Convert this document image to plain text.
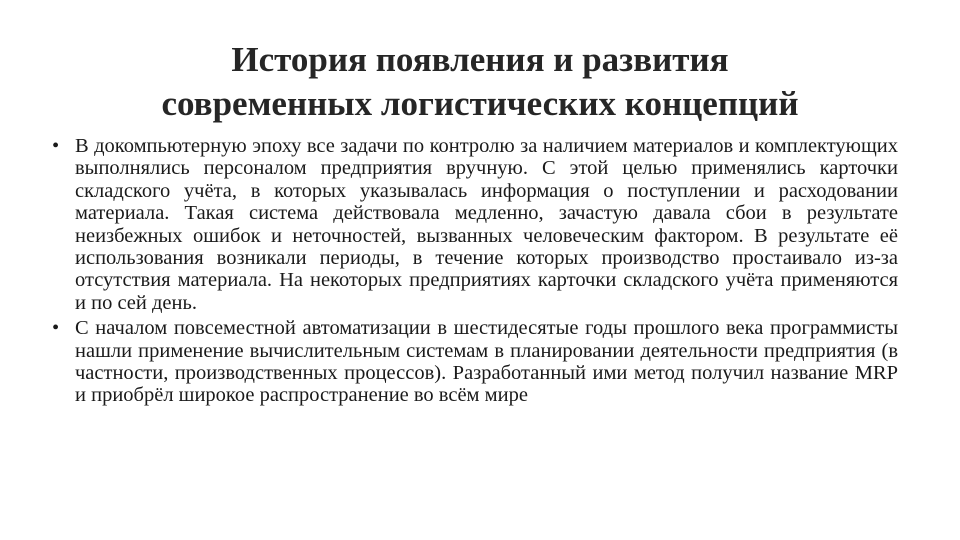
История появления и развития
современных логистических концепций
• В докомпьютерную эпоху все задачи по контролю за наличием материалов и комплектующих выполнялись персоналом предприятия вручную. С этой целью применялись карточки складского учёта, в которых указывалась информация о поступлении и расходовании материала. Такая система действовала медленно, зачастую давала сбои в результате неизбежных ошибок и неточностей, вызванных человеческим фактором. В результате её использования возникали периоды, в течение которых производство простаивало из-за отсутствия материала. На некоторых предприятиях карточки складского учёта применяются и по сей день.
• С началом повсеместной автоматизации в шестидесятые годы прошлого века программисты нашли применение вычислительным системам в планировании деятельности предприятия (в частности, производственных процессов). Разработанный ими метод получил название MRP и приобрёл широкое распространение во всём мире
